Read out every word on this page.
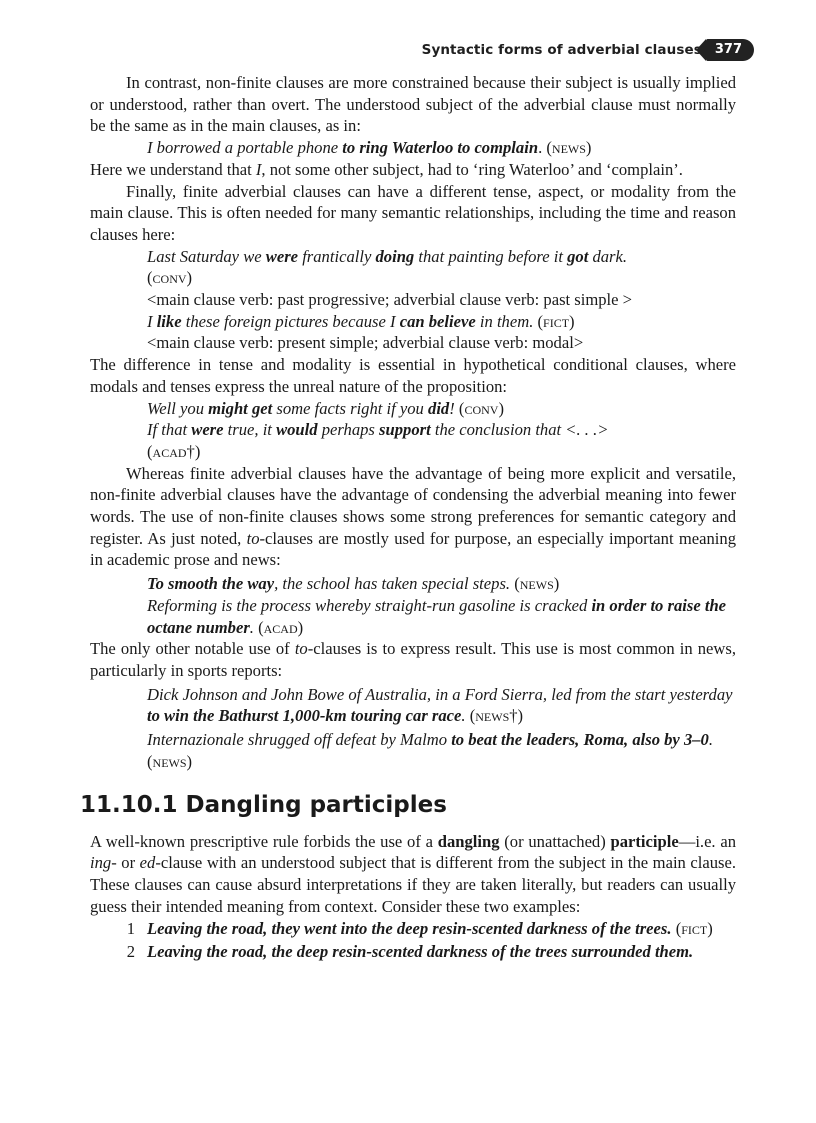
Syntactic forms of adverbial clauses	377

In contrast, non-finite clauses are more constrained because their subject is usually implied or understood, rather than overt. The understood subject of the adverbial clause must normally be the same as in the main clauses, as in:

I borrowed a portable phone to ring Waterloo to complain. (news)

Here we understand that I, not some other subject, had to ‘ring Waterloo’ and ‘complain’.

Finally, finite adverbial clauses can have a different tense, aspect, or modality from the main clause. This is often needed for many semantic relationships, including the time and reason clauses here:

Last Saturday we were frantically doing that painting before it got dark.
(conv)

<main clause verb: past progressive; adverbial clause verb: past simple >

I like these foreign pictures because I can believe in them. (fict)

<main clause verb: present simple; adverbial clause verb: modal>

The difference in tense and modality is essential in hypothetical conditional clauses, where modals and tenses express the unreal nature of the proposition:

Well you might get some facts right if you did! (conv)

If that were true, it would perhaps support the conclusion that <. . .>
(acad†)

Whereas finite adverbial clauses have the advantage of being more explicit and versatile, non-finite adverbial clauses have the advantage of condensing the adverbial meaning into fewer words. The use of non-finite clauses shows some strong preferences for semantic category and register. As just noted, to-clauses are mostly used for purpose, an especially important meaning in academic prose and news:

To smooth the way, the school has taken special steps. (news)

Reforming is the process whereby straight-run gasoline is cracked in order to raise the octane number. (acad)

The only other notable use of to-clauses is to express result. This use is most common in news, particularly in sports reports:

Dick Johnson and John Bowe of Australia, in a Ford Sierra, led from the start yesterday to win the Bathurst 1,000-km touring car race. (news†)

Internazionale shrugged off defeat by Malmo to beat the leaders, Roma, also by 3–0. (news)

11.10.1 Dangling participles

A well-known prescriptive rule forbids the use of a dangling (or unattached) participle—i.e. an ing- or ed-clause with an understood subject that is different from the subject in the main clause. These clauses can cause absurd interpretations if they are taken literally, but readers can usually guess their intended meaning from context. Consider these two examples:

1 Leaving the road, they went into the deep resin-scented darkness of the trees. (fict)
2 Leaving the road, the deep resin-scented darkness of the trees surrounded them.
